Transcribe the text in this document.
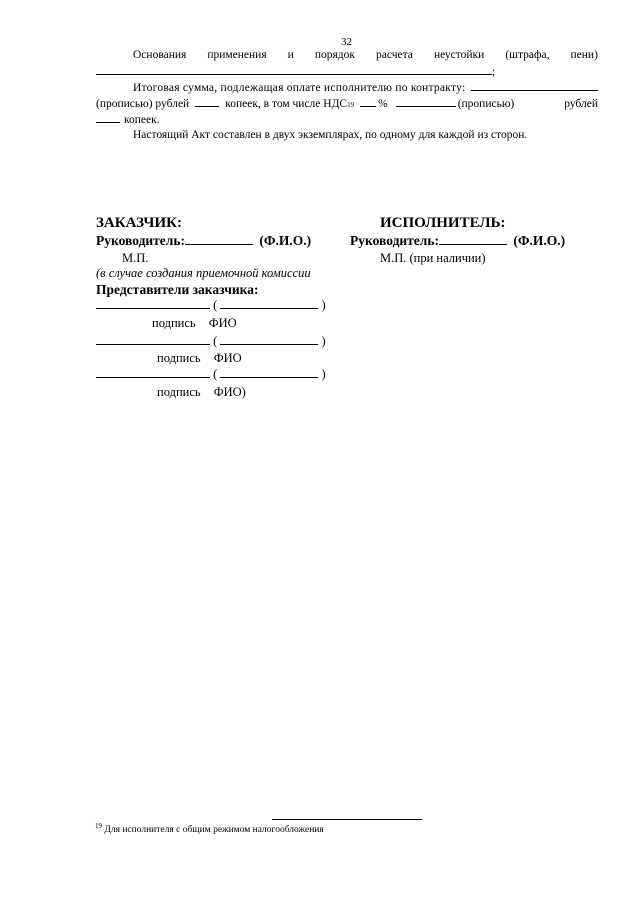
32
Основания применения и порядок расчета неустойки (штрафа, пени)
;
Итоговая сумма, подлежащая оплате исполнителю по контракту:
(прописью) рублей	копеек, в том числе НДС 19 %	(прописью) рублей
копеек.
Настоящий Акт составлен в двух экземплярах, по одному для каждой из сторон.
ЗАКАЗЧИК:
Руководитель:	(Ф.И.О.)
М.П.
(в случае создания приемочной комиссии
Представители заказчика:
(	)
подпись ФИО
(	)
подпись ФИО
(	)
подпись ФИО)
ИСПОЛНИТЕЛЬ:
Руководитель:	(Ф.И.О.)
М.П. (при наличии)
$^{19}$ Для исполнителя с общим режимом налогообложения
